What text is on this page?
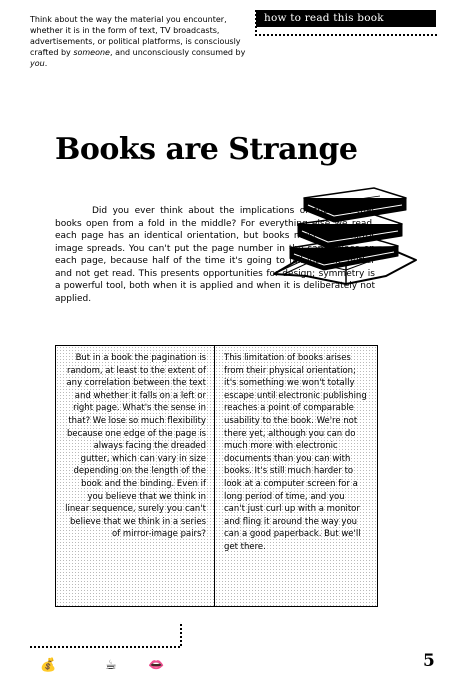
Think about the way the material you encounter, whether it is in the form of text, TV broadcasts, advertisements, or political platforms, is consciously crafted by someone, and unconsciously consumed by you.
how to read this book
Books are Strange

Did you ever think about the implications of the fact that books open from a fold in the middle? For everything else we read, each page has an identical orientation, but books must have mirror image spreads. You can't put the page number in the same place on each page, because half of the time it's going to fall into the gutter and not get read. This presents opportunities for design; symmetry is a powerful tool, both when it is applied and when it is deliberately not applied.

But in a book the pagination is random, at least to the extent of any correlation between the text and whether it falls on a left or right page. What's the sense in that? We lose so much flexibility because one edge of the page is always facing the dreaded gutter, which can vary in size depending on the length of the book and the binding. Even if you believe that we think in linear sequence, surely you can't believe that we think in a series of mirror-image pairs?
This limitation of books arises from their physical orientation; it's something we won't totally escape until electronic publishing reaches a point of comparable usability to the book. We're not there yet, although you can do much more with electronic documents than you can with books. It's still much harder to look at a computer screen for a long period of time, and you can't just curl up with a monitor and fling it around the way you can a good paperback. But we'll get there.
💰	☕ 👄	5
